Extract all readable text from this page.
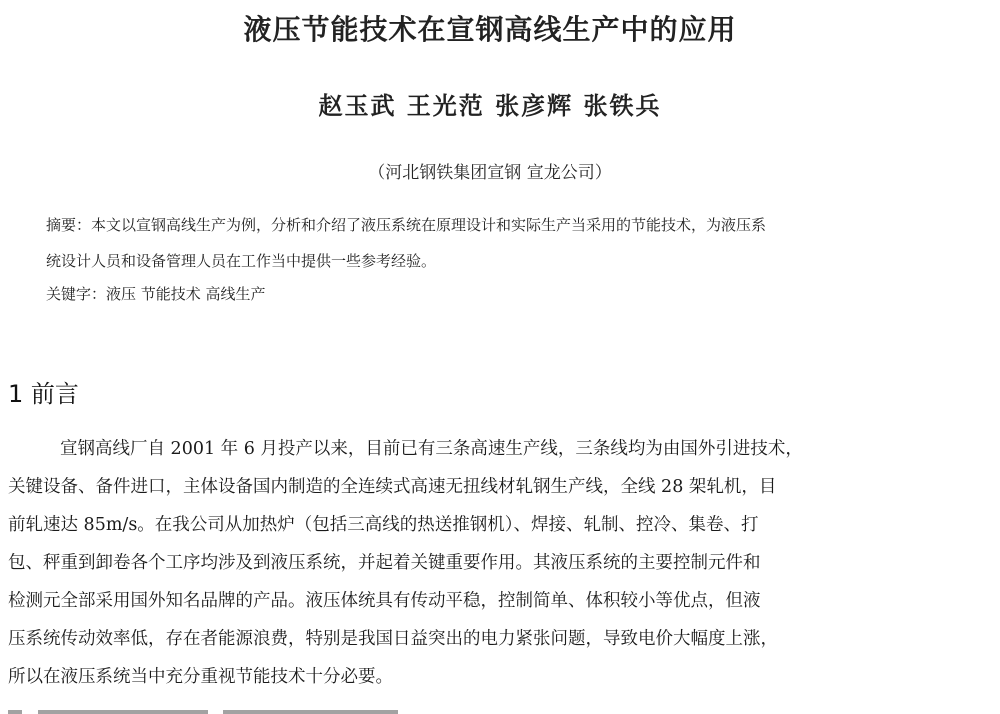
液压节能技术在宣钢高线生产中的应用
赵玉武 王光范 张彦辉 张铁兵
（河北钢铁集团宣钢 宣龙公司）
摘要：本文以宣钢高线生产为例，分析和介绍了液压系统在原理设计和实际生产当采用的节能技术，为液压系
统设计人员和设备管理人员在工作当中提供一些参考经验。
关键字：液压 节能技术 高线生产
1 前言
宣钢高线厂自 2001 年 6 月投产以来，目前已有三条高速生产线，三条线均为由国外引进技术，
关键设备、备件进口，主体设备国内制造的全连续式高速无扭线材轧钢生产线，全线 28 架轧机，目
前轧速达 85m/s。在我公司从加热炉（包括三高线的热送推钢机）、焊接、轧制、控冷、集卷、打
包、秤重到卸卷各个工序均涉及到液压系统，并起着关键重要作用。其液压系统的主要控制元件和
检测元全部采用国外知名品牌的产品。液压体统具有传动平稳，控制简单、体积较小等优点，但液
压系统传动效率低，存在者能源浪费，特别是我国日益突出的电力紧张问题，导致电价大幅度上涨，
所以在液压系统当中充分重视节能技术十分必要。
